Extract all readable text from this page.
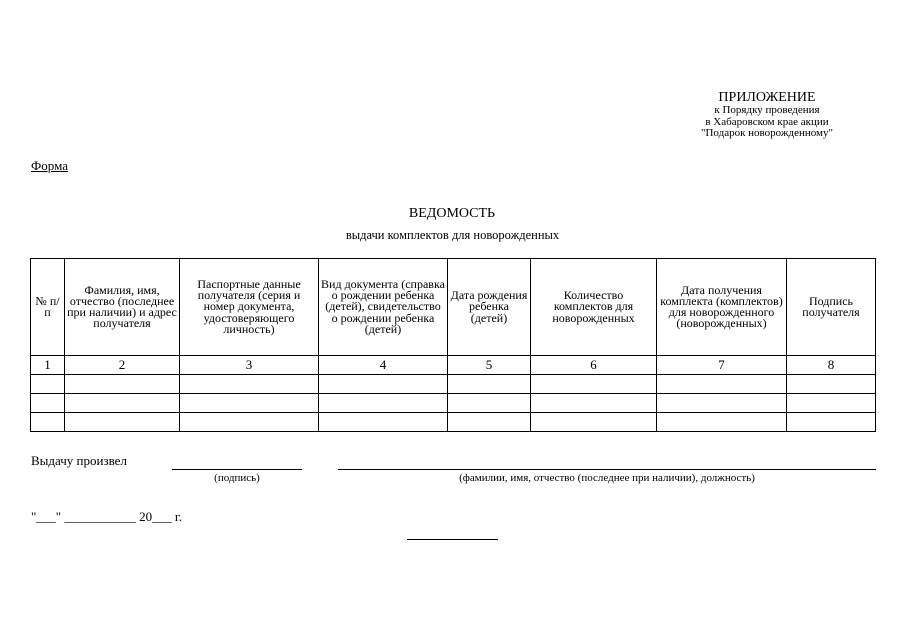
ПРИЛОЖЕНИЕ
к Порядку проведения
в Хабаровском крае акции
"Подарок новорожденному"
Форма
ВЕДОМОСТЬ
выдачи комплектов для новорожденных
№ п/п	Фамилия, имя, отчество (последнее при наличии) и адрес получателя	Паспортные данные получателя (серия и номер документа, удостоверяющего личность)	Вид документа (справка о рождении ребенка (детей), свидетельство о рождении ребенка (детей)	Дата рождения ребенка (детей)	Количество комплектов для новорожденных	Дата получения комплекта (комплектов) для новорожденного (новорожденных)	Подпись получателя
1	2	3	4	5	6	7	8

Выдачу произвел
(подпись)	(фамилии, имя, отчество (последнее при наличии), должность)
"___" ___________ 20___ г.
